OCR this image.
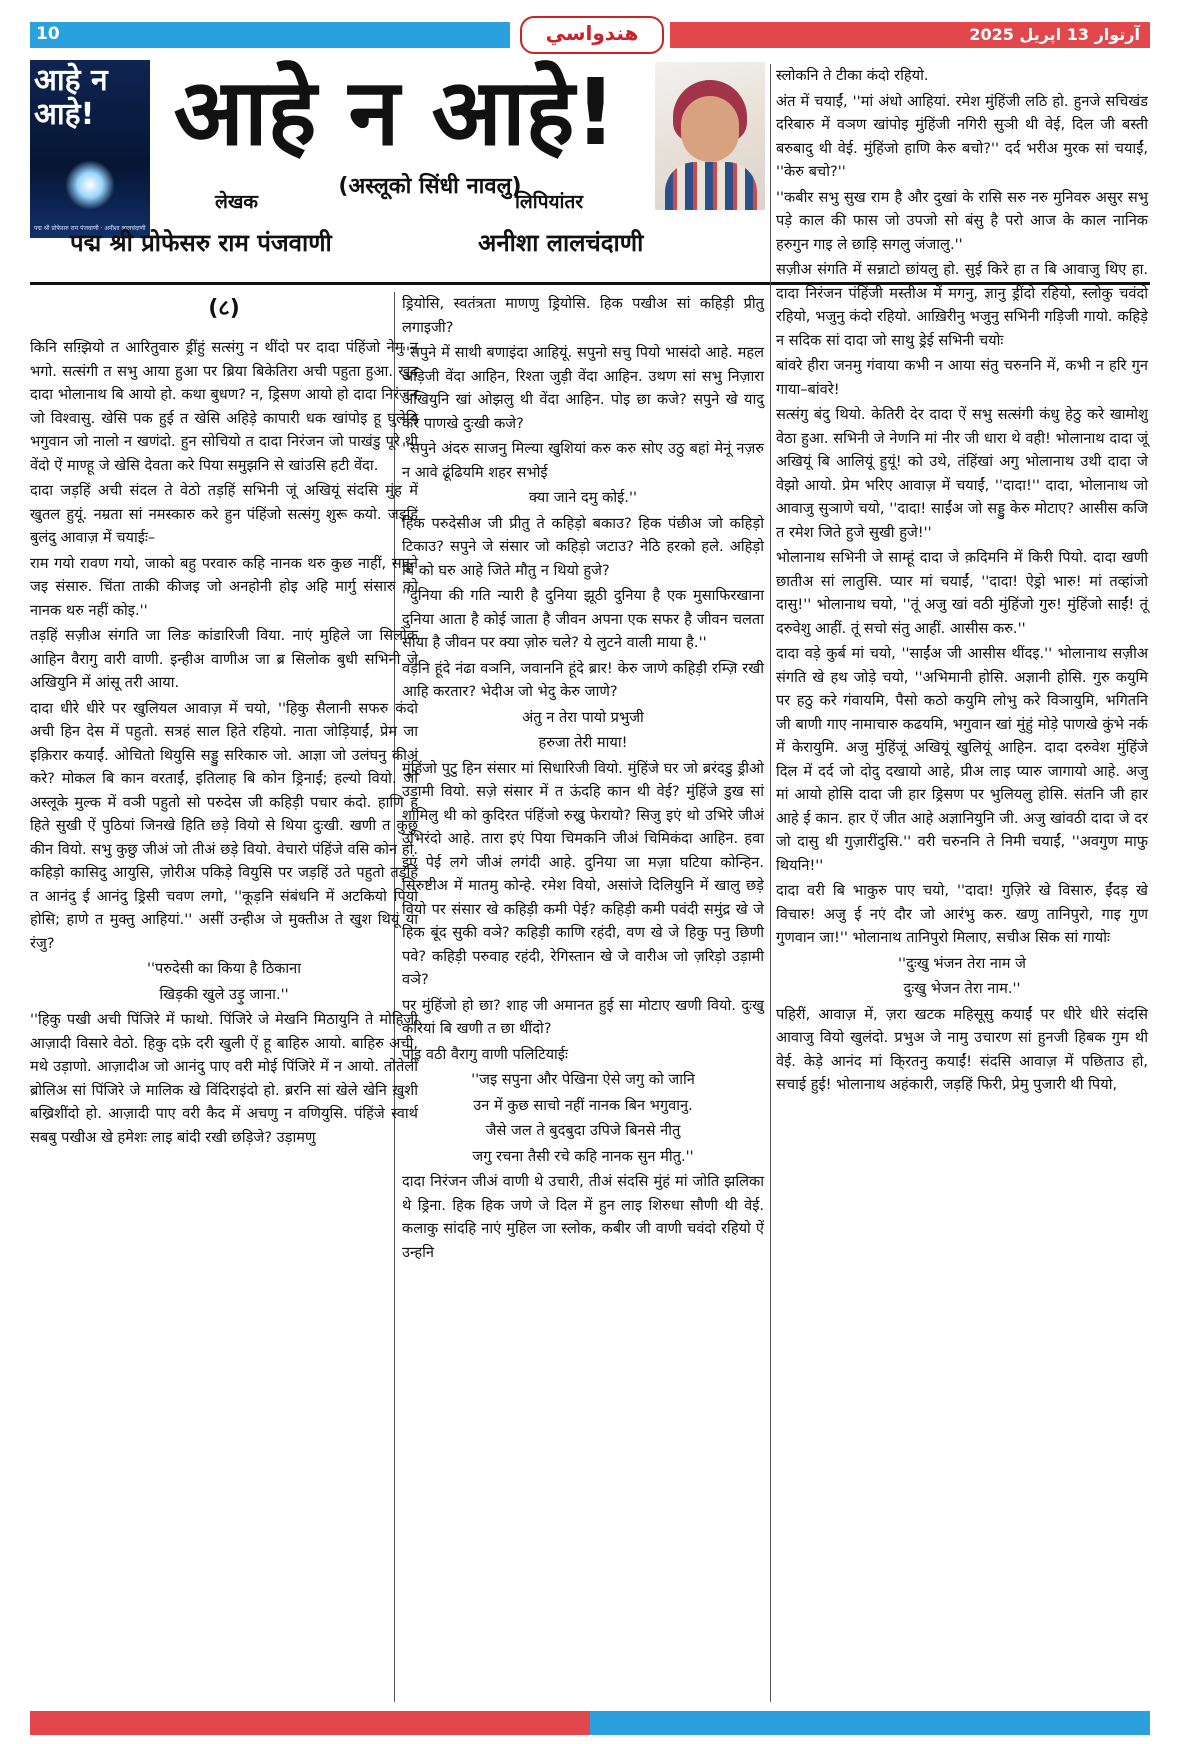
10	ھندواسي	آرتوار 13 اپريل 2025
आहे न आहे!
पद्म श्री प्रोफेसरु राम पंजवाणी · अनीशा लालचंदाणी
आहे न आहे!
(अस्लूको सिंधी नावलु)
लेखक	लिपियांतर
पद्म श्री प्रोफेसरु राम पंजवाणी	अनीशा लालचंदाणी
(८)

किनि सग़्झियो त आरितुवारु ड्रींहुं सत्संगु न थींदो पर दादा पंहिंजो नेमु न भगो. सत्संगी त सभु आया हुआ पर ब्रिया बिकेतिरा अची पहुता हुआ. खुद दादा भोलानाथ बि आयो हो. कथा बुधण? न, ड्रिसण आयो हो दादा निरंजन जो विश्वासु. खेसि पक हुई त खेसि अहिड़े कापारी धक खांपोइ हू घुलेबि भगुवान जो नालो न खणंदो. हुन सोचियो त दादा निरंजन जो पाखंडु पूरे थी वेंदो ऐं माण्हू जे खेसि देवता करे पिया समुझनि से खांउसि हटी वेंदा.

दादा जड़हिं अची संदल ते वेठो तड़हिं सभिनी जूं अखियूं संदसि मुंह में खुतल हुयूं. नम्रता सां नमस्कारु करे हुन पंहिंजो सत्संगु शुरू कयो. जड़हिं बुलंदु आवाज़ में चयाईः–

राम गयो रावण गयो, जाको बहु परवारु कहि नानक थरु कुछ नाहीं, सपुने जइ संसारु. चिंता ताकी कीजइ जो अनहोनी होइ अहि मार्गु संसारु को नानक थरु नहीं कोइ.''

तड़हिं सज़ीअ संगति जा लिङ कांडारिजी विया. नाएं मुहिले जा सिलोक आहिन वैरागु वारी वाणी. इन्हीअ वाणीअ जा ब्र सिलोक बुधी सभिनी जे अखियुनि में आंसू तरी आया.

दादा धीरे धीरे पर खुलियल आवाज़ में चयो, ''हिकु सैलानी सफरु कंदो अची हिन देस में पहुतो. सत्रहं साल हिते रहियो. नाता जोड़ियाईं, प्रेम जा इक़िरार कयाईं. ओचितो थियुसि सड्डु सरिकारु जो. आज्ञा जो उलंघनु कीअं करे? मोकल बि कान वरताईं, इतिलाह बि कोन ड्रिनाईं; हल्यो वियो. जो अस्लूके मुल्क में वञी पहुतो सो परुदेस जी कहिड़ी पचार कंदो. हाणि हू हिते सुखी ऐं पुठियां जिनखे हिति छड़े वियो से थिया दुःखी. खणी त कुछु कीन वियो. सभु कुछु जीअं जो तीअं छड़े वियो. वेचारो पंहिंजे वसि कोन हो. कहिड़ो कासिदु आयुसि, ज़ोरीअ पकिड़े वियुसि पर जड़हिं उते पहुतो तड़हिं त आनंदु ई आनंदु ड्रिसी चवण लगो, ''कूड़नि संबंधनि में अटकियो पियो होसि; हाणे त मुक्तु आहियां.'' असीं उन्हीअ जे मुक्तीअ ते खुश थियूं या रंजु?

''परुदेसी का किया है ठिकाना
खिड़की खुले उड़ु जाना.''

''हिकु पखी अची पिंजिरे में फाथो. पिंजिरे जे मेखनि मिठायुनि ते मोहिजी आज़ादी विसारे वेठो. हिकु दफ़े दरी खुली ऐं हू बाहिरु आयो. बाहिरु अची, मथे उड़ाणो. आज़ादीअ जो आनंदु पाए वरी मोई पिंजिरे में न आयो. तोतेली ब्रोलिअ सां पिंजिरे जे मालिक खे विंदिराइंदो हो. ब्ररनि सां खेले खेनि ख़ुशी बख्रिशींदो हो. आज़ादी पाए वरी कैद में अचणु न वणियुसि. पंहिंजे स्वार्थ सबबु पखीअ खे हमेशः लाइ बांदी रखी छड़िजे? उड़ामणु

ड्रियोसि, स्वतंत्रता माणणु ड्रियोसि. हिक पखीअ सां कहिड़ी प्रीतु लगाइजी?

''सपुने में साथी बणाइंदा आहियूं. सपुनो सचु पियो भासंदो आहे. महल अड़िजी वेंदा आहिन, रिश्ता जुड़ी वेंदा आहिन. उथण सां सभु निज़ारा अखियुनि खां ओझलु थी वेंदा आहिन. पोइ छा कजे? सपुने खे यादु करे पाणखे दुःखी कजे?

''सपुने अंदरु साजनु मिल्या खुशियां करु करु सोए उठु बहां मेनूं नज़रु न आवे ढूंढियमि शहर सभोई

क्या जाने दमु कोई.''

हिक परुदेसीअ जी प्रीतु ते कहिड़ो बकाउ? हिक पंछीअ जो कहिड़ो टिकाउ? सपुने जे संसार जो कहिड़ो जटाउ? नेठि हरको हले. अहिड़ो बि को घरु आहे जिते मौतु न थियो हुजे?

''दुनिया की गति न्यारी है दुनिया झूठी दुनिया है एक मुसाफिरखाना दुनिया आता है कोई जाता है जीवन अपना एक सफर है जीवन चलता साया है जीवन पर क्या ज़ोरु चले? ये लुटने वाली माया है.''

वड़नि हूंदे नंढा वञनि, जवाननि हूंदे ब्रार! केरु जाणे कहिड़ी रम्ज़ि रखी आहि करतार? भेदीअ जो भेदु केरु जाणे?

अंतु न तेरा पायो प्रभुजी
हरुजा तेरी माया!

मुंहिंजो पुटु हिन संसार मां सिधारिजी वियो. मुंहिंजे घर जो ब्ररंदडु ड्रीओ उड़ामी वियो. सज़े संसार में त ऊंदहि कान थी वेई? मुंहिंजे डुख सां शामिलु थी को कुदिरत पंहिंजो रुख्रु फेरायो? सिजु इएं थो उभिरे जीअं उभिरंदो आहे. तारा इएं पिया चिमकनि जीअं चिमिकंदा आहिन. हवा इएं पेई लगे जीअं लगंदी आहे. दुनिया जा मज़ा घटिया कोन्हिन. सिरुष्टीअ में मातमु कोन्हे. रमेश वियो, असांजे दिलियुनि में खालु छड़े वियो पर संसार खे कहिड़ी कमी पेई? कहिड़ी कमी पवंदी समुंद्र खे जे हिक बूंद सुकी वञे? कहिड़ी काणि रहंदी, वण खे जे हिकु पनु छिणी पवे? कहिड़ी परुवाह रहंदी, रेगिस्तान खे जे वारीअ जो ज़रिड़ो उड़ामी वञे?

पर मुंहिंजो हो छा? शाह जी अमानत हुई सा मोटाए खणी वियो. दुःखु करियां बि खणी त छा थींदो?

पोइ वठी वैरागु वाणी पलिटियाईः

''जइ सपुना और पेखिना ऐसे जगु को जानि
उन में कुछ साचो नहीं नानक बिन भगुवानु.
जैसे जल ते बुदबुदा उपिजे बिनसे नीतु
जगु रचना तैसी रचे कहि नानक सुन मीतु.''

दादा निरंजन जीअं वाणी थे उचारी, तीअं संदसि मुंहं मां जोति झलिका थे ड्रिना. हिक हिक जणे जे दिल में हुन लाइ शिरुधा सौणी थी वेई. कलाकु सांदहि नाएं मुहिल जा स्लोक, कबीर जी वाणी चवंदो रहियो ऐं उन्हनि

स्लोकनि ते टीका कंदो रहियो.

अंत में चयाईं, ''मां अंधो आहियां. रमेश मुंहिंजी लठि हो. हुनजे सचिखंड दरिबारु में वञण खांपोइ मुंहिंजी नगिरी सुञी थी वेई, दिल जी बस्ती बरुबादु थी वेई. मुंहिंजो हाणि केरु बचो?'' दर्द भरीअ मुरक सां चयाईं, ''केरु बचो?''

''कबीर सभु सुख राम है और दुखां के रासि सरु नरु मुनिवरु असुर सभु पड़े काल की फास जो उपजो सो बंसु है परो आज के काल नानिक हरुगुन गाइ ले छाड़ि सगलु जंजालु.''

सज़ीअ संगति में सन्नाटो छांयलु हो. सुई किरे हा त बि आवाजु थिए हा. दादा निरंजन पंहिंजी मस्तीअ में मगनु, ज्ञानु ड्रींदो रहियो, स्लोकु चवंदो रहियो, भजुनु कंदो रहियो. आख़िरीनु भजुनु सभिनी गड़िजी गायो. कहिड़े न सदिक सां दादा जो साथु ड्रेई सभिनी चयोः

बांवरे हीरा जनमु गंवाया कभी न आया संतु चरुननि में, कभी न हरि गुन गाया–बांवरे!

सत्संगु बंदु थियो. केतिरी देर दादा ऐं सभु सत्संगी कंधु हेठु करे खामोशु वेठा हुआ. सभिनी जे नेणनि मां नीर जी धारा थे वही! भोलानाथ दादा जूं अखियूं बि आलियूं हुयूं! को उथे, तंहिंखां अगु भोलानाथ उथी दादा जे वेझो आयो. प्रेम भरिए आवाज़ में चयाईं, ''दादा!'' दादा, भोलानाथ जो आवाजु सुञाणे चयो, ''दादा! साईंअ जो सड्डु केरु मोटाए? आसीस कजि त रमेश जिते हुजे सुखी हुजे!''

भोलानाथ सभिनी जे साम्हूं दादा जे क़दिमनि में किरी पियो. दादा खणी छातीअ सां लातुसि. प्यार मां चयाईं, ''दादा! ऐड्रो भारु! मां तव्हांजो दासु!'' भोलानाथ चयो, ''तूं अजु खां वठी मुंहिंजो गुरु! मुंहिंजो साईं! तूं दरुवेशु आहीं. तूं सचो संतु आहीं. आसीस करु.''

दादा वड़े कुर्ब मां चयो, ''साईंअ जी आसीस थींदइ.'' भोलानाथ सज़ीअ संगति खे हथ जोड़े चयो, ''अभिमानी होसि. अज्ञानी होसि. गुरु कयुमि पर हठु करे गंवायमि, पैसो कठो कयुमि लोभु करे विञायुमि, भगितनि जी बाणी गाए नामाचारु कढयमि, भगुवान खां मुंहुं मोड़े पाणखे कुंभे नर्क में केरायुमि. अजु मुंहिंजूं अखियूं खुलियूं आहिन. दादा दरुवेश मुंहिंजे दिल में दर्द जो दोदु दखायो आहे, प्रीअ लाइ प्यारु जागायो आहे. अजु मां आयो होसि दादा जी हार ड्रिसण पर भुलियलु होसि. संतनि जी हार आहे ई कान. हार ऐं जीत आहे अज्ञानियुनि जी. अजु खांवठी दादा जे दर जो दासु थी गुज़ारींदुसि.'' वरी चरुननि ते निमी चयाईं, ''अवगुण माफु थियनि!''

दादा वरी बि भाकुरु पाए चयो, ''दादा! गुज़िरे खे विसारु, ईंदड़ खे विचारु! अजु ई नएं दौर जो आरंभु करु. खणु तानिपुरो, गाइ गुण गुणवान जा!'' भोलानाथ तानिपुरो मिलाए, सचीअ सिक सां गायोः

''दुःखु भंजन तेरा नाम जे
दुःखु भेजन तेरा नाम.''

पहिरीं, आवाज़ में, ज़रा खटक महिसूसु कयाईं पर धीरे धीरे संदसि आवाजु वियो खुलंदो. प्रभुअ जे नामु उचारण सां हुनजी हिबक गुम थी वेई. केड़े आनंद मां कि्रतनु कयाईं! संदसि आवाज़ में पछिताउ हो, सचाई हुई! भोलानाथ अहंकारी, जड़हिं फिरी, प्रेमु पुजारी थी पियो,
